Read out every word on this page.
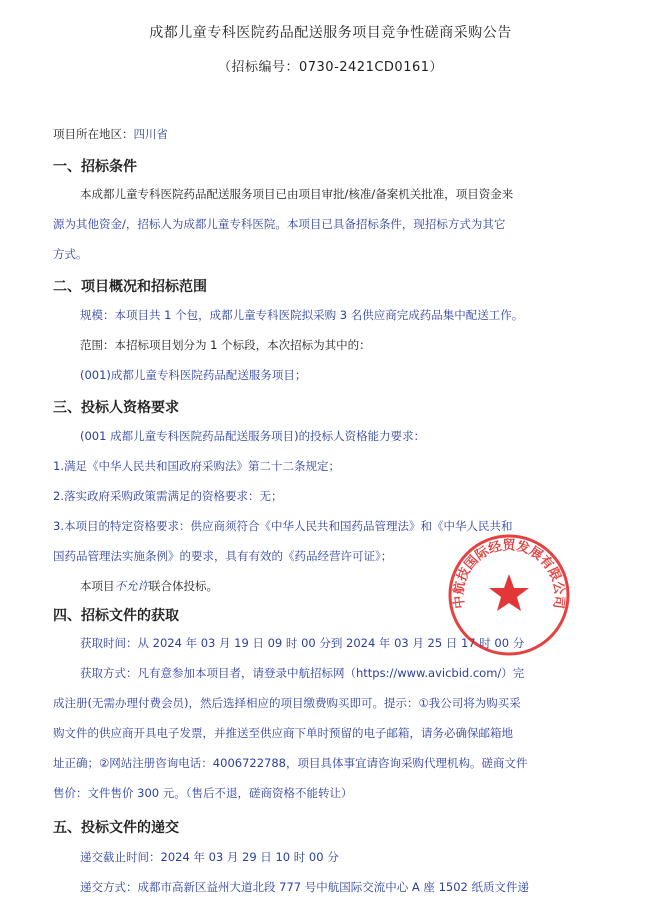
成都儿童专科医院药品配送服务项目竞争性磋商采购公告
（招标编号：0730-2421CD0161）
项目所在地区：四川省
一、招标条件
本成都儿童专科医院药品配送服务项目已由项目审批/核准/备案机关批准，项目资金来
源为其他资金/，招标人为成都儿童专科医院。本项目已具备招标条件，现招标方式为其它
方式。
二、项目概况和招标范围
规模：本项目共 1 个包，成都儿童专科医院拟采购 3 名供应商完成药品集中配送工作。
范围：本招标项目划分为 1 个标段，本次招标为其中的：
(001)成都儿童专科医院药品配送服务项目；
三、投标人资格要求
(001 成都儿童专科医院药品配送服务项目)的投标人资格能力要求：
1.满足《中华人民共和国政府采购法》第二十二条规定；
2.落实政府采购政策需满足的资格要求：无；
3.本项目的特定资格要求：供应商须符合《中华人民共和国药品管理法》和《中华人民共和
国药品管理法实施条例》的要求，具有有效的《药品经营许可证》；
本项目不允许联合体投标。
四、招标文件的获取
获取时间：从 2024 年 03 月 19 日 09 时 00 分到 2024 年 03 月 25 日 17 时 00 分
获取方式：凡有意参加本项目者，请登录中航招标网（https://www.avicbid.com/）完
成注册(无需办理付费会员)，然后选择相应的项目缴费购买即可。提示：①我公司将为购买采
购文件的供应商开具电子发票，并推送至供应商下单时预留的电子邮箱，请务必确保邮箱地
址正确；②网站注册咨询电话：4006722788，项目具体事宜请咨询采购代理机构。磋商文件
售价：文件售价 300 元。（售后不退，磋商资格不能转让）
五、投标文件的递交
递交截止时间：2024 年 03 月 29 日 10 时 00 分
递交方式：成都市高新区益州大道北段 777 号中航国际交流中心 A 座 1502 纸质文件递
中航技国际经贸发展有限公司
